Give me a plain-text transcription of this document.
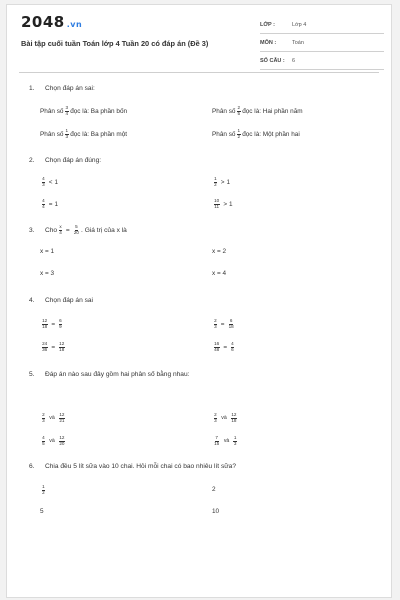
2048 .vn
Bài tập cuối tuần Toán lớp 4 Tuần 20 có đáp án (Đề 3)
LỚP :	Lớp 4
MÔN :	Toán
SỐ CÂU : 6
1. Chọn đáp án sai:
Phân số $\frac{3}{4}$ đọc là: Ba phần bốn	Phân số $\frac{2}{5}$ đọc là: Hai phần năm
Phân số $\frac{1}{3}$ đọc là: Ba phần một	Phân số $\frac{1}{2}$ đọc là: Một phần hai
2. Chọn đáp án đúng:
$\frac{4}{3} < 1$	$\frac{1}{2} > 1$
$\frac{4}{4} = 1$	$\frac{10}{11} > 1$
3.	Cho $\frac{x}{4} = \frac{5}{20}$ . Giá trị của x là
x = 1	x = 2
x = 3	x = 4
4. Chọn đáp án sai
$\frac{12}{18} = \frac{6}{9}$	$\frac{2}{3} = \frac{6}{18}$
$\frac{24}{36} = \frac{12}{18}$	$\frac{16}{48} = \frac{4}{6}$
5. Đáp án nào sau đây gồm hai phân số bằng nhau:
$\frac{2}{3}$ và $\frac{12}{21}$	$\frac{2}{3}$ và $\frac{12}{18}$
$\frac{4}{5}$ và $\frac{12}{20}$	$\frac{7}{15}$ và $\frac{1}{3}$
6. Chia đều 5 lít sữa vào 10 chai. Hỏi mỗi chai có bao nhiêu lít sữa?
$\frac{1}{2}$	2
5	10
